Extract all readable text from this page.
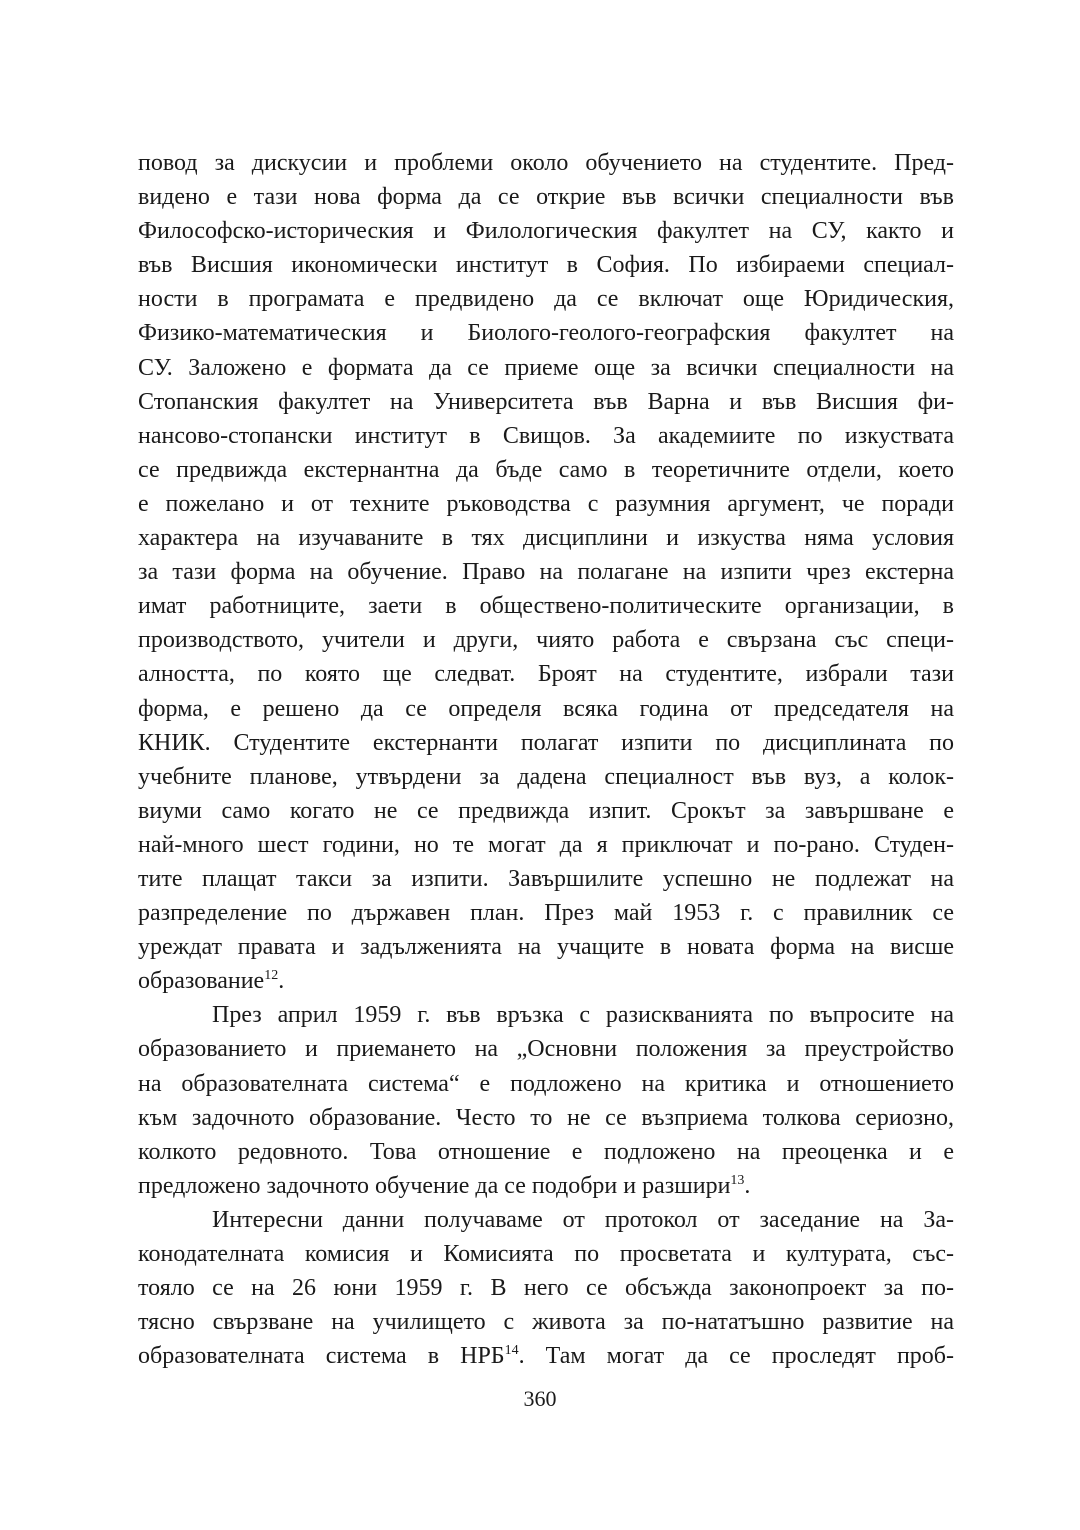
повод за дискусии и проблеми около обучението на студентите. Пред-
видено е тази нова форма да се открие във всички специалности във
Философско-историческия и Филологическия факултет на СУ, както и
във Висшия икономически институт в София. По избираеми специал-
ности в програмата е предвидено да се включат още Юридическия,
Физико-математическия и Биолого-геолого-географския факултет на
СУ. Заложено е формата да се приеме още за всички специалности на
Стопанския факултет на Университета във Варна и във Висшия фи-
нансово-стопански институт в Свищов. За академиите по изкуствата
се предвижда екстернантна да бъде само в теоретичните отдели, което
е пожелано и от техните ръководства с разумния аргумент, че поради
характера на изучаваните в тях дисциплини и изкуства няма условия
за тази форма на обучение. Право на полагане на изпити чрез екстерна
имат работниците, заети в обществено-политическите организации, в
производството, учители и други, чиято работа е свързана със специ-
алността, по която ще следват. Броят на студентите, избрали тази
форма, е решено да се определя всяка година от председателя на
КНИК. Студентите екстернанти полагат изпити по дисциплината по
учебните планове, утвърдени за дадена специалност във вуз, а колок-
виуми само когато не се предвижда изпит. Срокът за завършване е
най-много шест години, но те могат да я приключат и по-рано. Студен-
тите плащат такси за изпити. Завършилите успешно не подлежат на
разпределение по държавен план. През май 1953 г. с правилник се
уреждат правата и задълженията на учащите в новата форма на висше
образование$^{12}$.
През април 1959 г. във връзка с разискванията по въпросите на
образованието и приемането на „Основни положения за преустройство
на образователната система“ е подложено на критика и отношението
към задочното образование. Често то не се възприема толкова сериозно,
колкото редовното. Това отношение е подложено на преоценка и е
предложено задочното обучение да се подобри и разшири$^{13}$.
Интересни данни получаваме от протокол от заседание на За-
конодателната комисия и Комисията по просветата и културата, със-
тояло се на 26 юни 1959 г. В него се обсъжда законопроект за по-
тясно свързване на училището с живота за по-нататъшно развитие на
образователната система в НРБ$^{14}$. Там могат да се проследят проб-
360
